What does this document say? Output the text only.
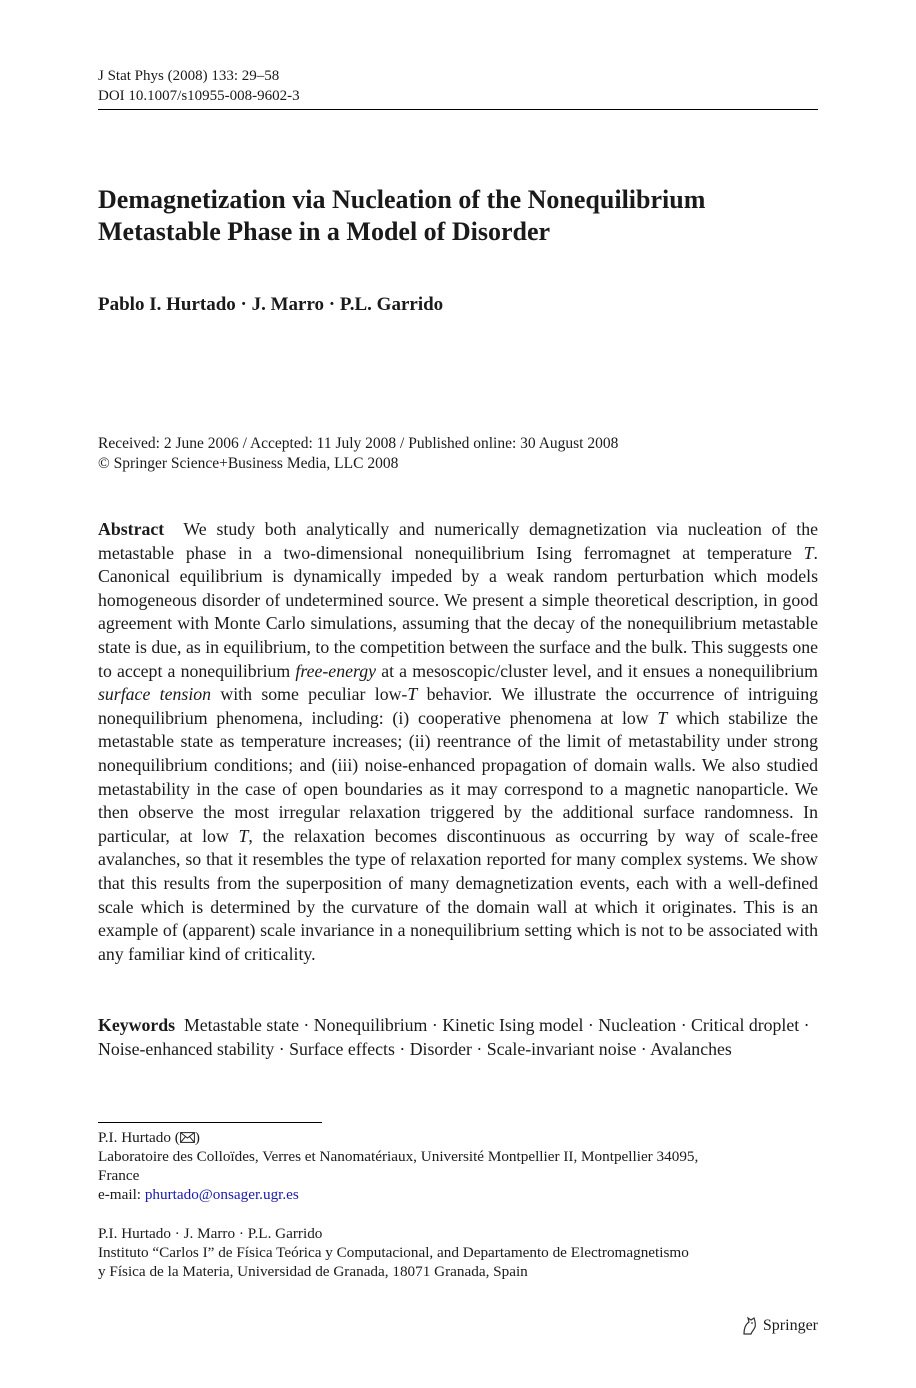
J Stat Phys (2008) 133: 29–58
DOI 10.1007/s10955-008-9602-3
Demagnetization via Nucleation of the Nonequilibrium
Metastable Phase in a Model of Disorder
Pablo I. Hurtado · J. Marro · P.L. Garrido
Received: 2 June 2006 / Accepted: 11 July 2008 / Published online: 30 August 2008
© Springer Science+Business Media, LLC 2008
Abstract We study both analytically and numerically demagnetization via nucleation of the metastable phase in a two-dimensional nonequilibrium Ising ferromagnet at temperature T. Canonical equilibrium is dynamically impeded by a weak random perturbation which models homogeneous disorder of undetermined source. We present a simple theoretical description, in good agreement with Monte Carlo simulations, assuming that the decay of the nonequilibrium metastable state is due, as in equilibrium, to the competition between the surface and the bulk. This suggests one to accept a nonequilibrium free-energy at a mesoscopic/cluster level, and it ensues a nonequilibrium surface tension with some peculiar low-T behavior. We illustrate the occurrence of intriguing nonequilibrium phenomena, including: (i) cooperative phenomena at low T which stabilize the metastable state as temperature increases; (ii) reentrance of the limit of metastability under strong nonequilibrium conditions; and (iii) noise-enhanced propagation of domain walls. We also studied metastability in the case of open boundaries as it may correspond to a magnetic nanoparticle. We then observe the most irregular relaxation triggered by the additional surface randomness. In particular, at low T, the relaxation becomes discontinuous as occurring by way of scale-free avalanches, so that it resembles the type of relaxation reported for many complex systems. We show that this results from the superposition of many demagnetization events, each with a well-defined scale which is determined by the curvature of the domain wall at which it originates. This is an example of (apparent) scale invariance in a nonequilibrium setting which is not to be associated with any familiar kind of criticality.
Keywords Metastable state · Nonequilibrium · Kinetic Ising model · Nucleation · Critical droplet · Noise-enhanced stability · Surface effects · Disorder · Scale-invariant noise · Avalanches
P.I. Hurtado ( )
Laboratoire des Colloïdes, Verres et Nanomatériaux, Université Montpellier II, Montpellier 34095,
France
e-mail: phurtado@onsager.ugr.es
P.I. Hurtado · J. Marro · P.L. Garrido
Instituto “Carlos I” de Física Teórica y Computacional, and Departamento de Electromagnetismo
y Física de la Materia, Universidad de Granada, 18071 Granada, Spain
Springer
